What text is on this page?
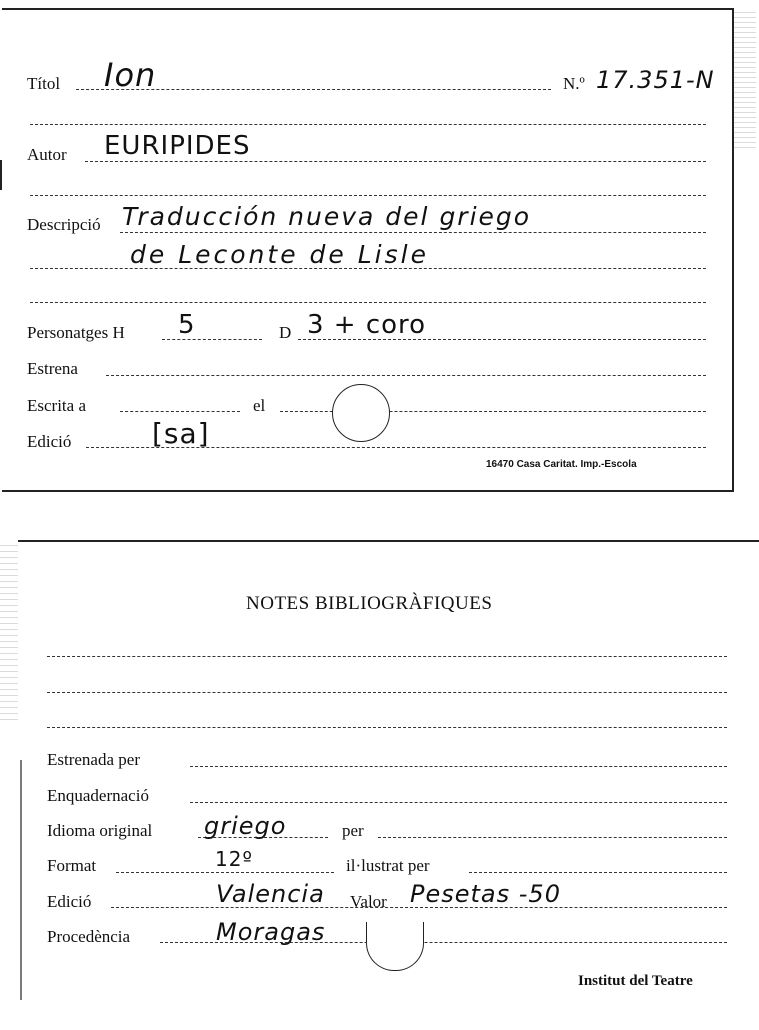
Títol Ion	N.º 17.351-N
Autor EURIPIDES
Descripció Traducción nueva del griego
de Leconte de Lisle
Personatges H 5	D 3 + coro
Estrena
Escrita a	el
Edició	[sa]
16470 Casa Caritat. Imp.-Escola
NOTES BIBLIOGRÀFIQUES
Estrenada per
Enquadernació
Idioma original griego	per
Format	12º	il·lustrat per
Edició	Valencia Valor Pesetas -50
Procedència	Moragas
Institut del Teatre
